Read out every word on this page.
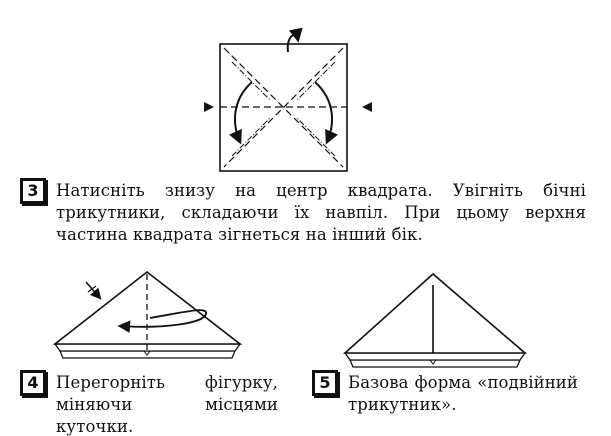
3	Натисніть знизу на центр квадрата. Увігніть бічні трикутники, складаючи їх навпіл. При цьому верхня частина квадрата зігнеться на інший бік.
4	Перегорніть фігурку, міняючи місцями куточки.
5	Базова форма «подвійний трикутник».
